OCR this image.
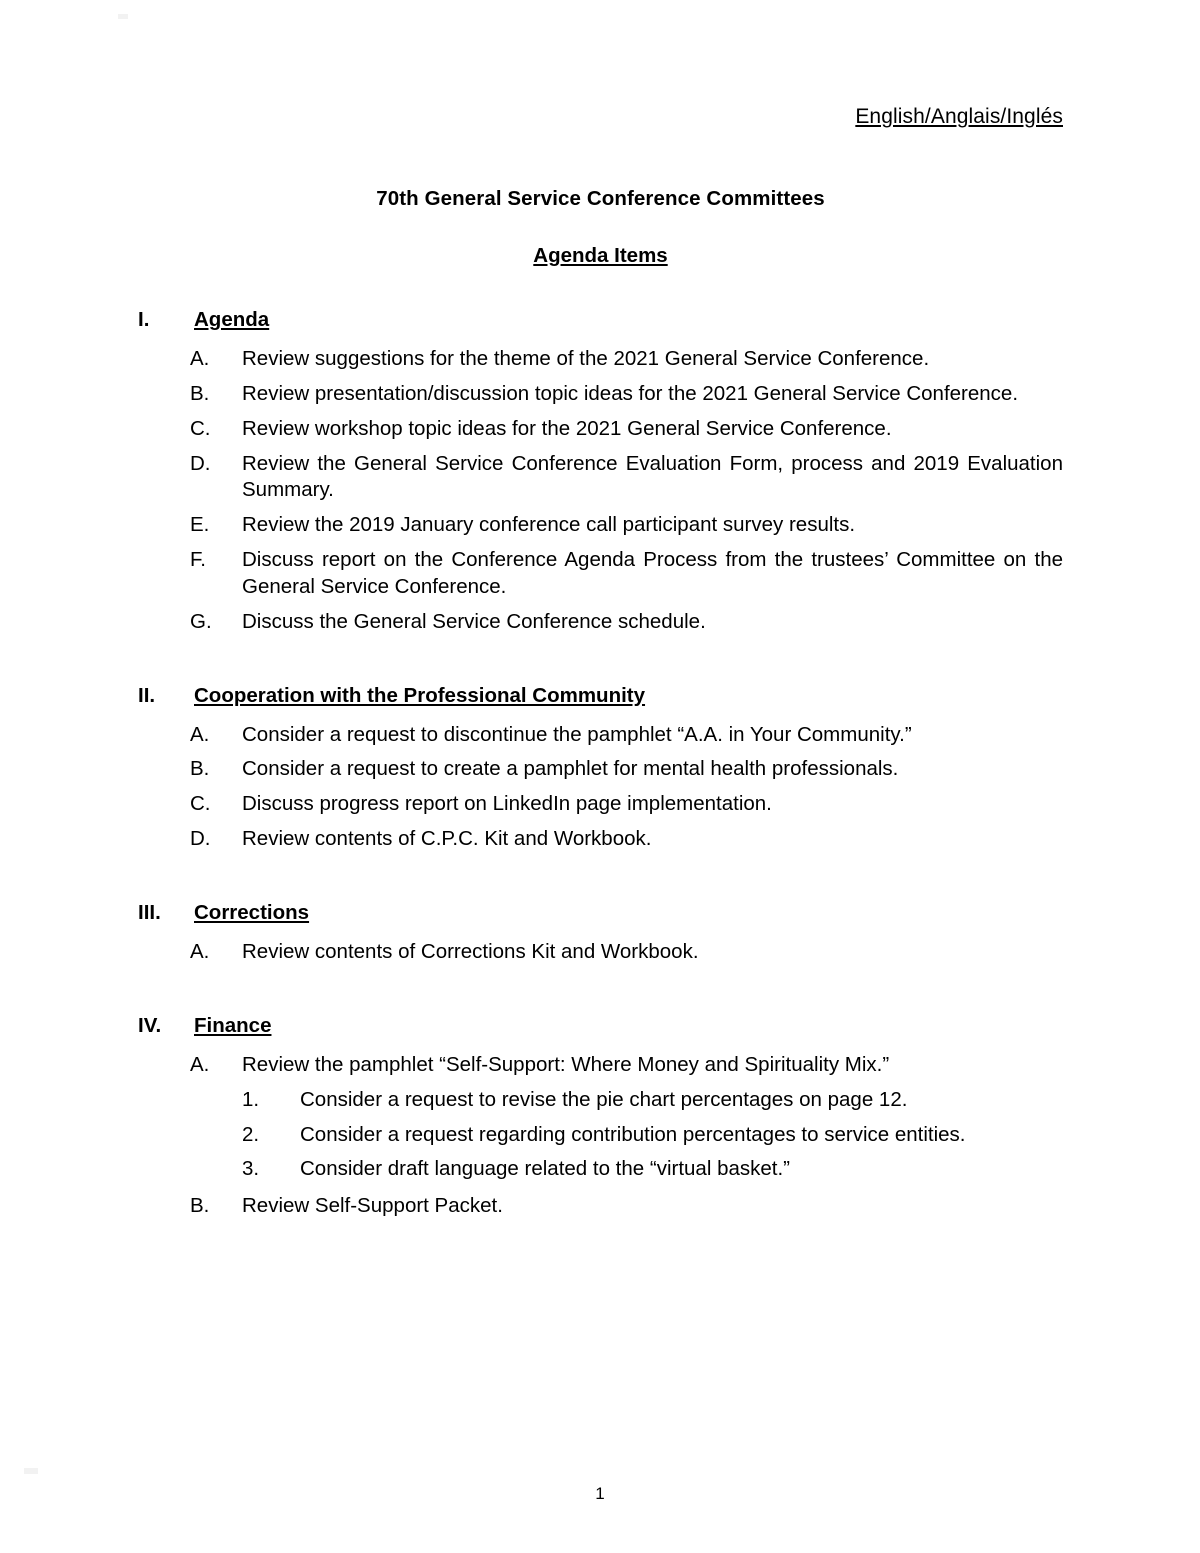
English/Anglais/Inglés
70th General Service Conference Committees
Agenda Items
I.	Agenda
A.	Review suggestions for the theme of the 2021 General Service Conference.
B.	Review presentation/discussion topic ideas for the 2021 General Service Conference.
C.	Review workshop topic ideas for the 2021 General Service Conference.
D.	Review the General Service Conference Evaluation Form, process and 2019 Evaluation Summary.
E.	Review the 2019 January conference call participant survey results.
F.	Discuss report on the Conference Agenda Process from the trustees’ Committee on the General Service Conference.
G.	Discuss the General Service Conference schedule.
II.	Cooperation with the Professional Community
A.	Consider a request to discontinue the pamphlet “A.A. in Your Community.”
B.	Consider a request to create a pamphlet for mental health professionals.
C.	Discuss progress report on LinkedIn page implementation.
D.	Review contents of C.P.C. Kit and Workbook.
III.	Corrections
A.	Review contents of Corrections Kit and Workbook.
IV.	Finance
A.	Review the pamphlet “Self-Support: Where Money and Spirituality Mix.”
1.	Consider a request to revise the pie chart percentages on page 12.
2.	Consider a request regarding contribution percentages to service entities.
3.	Consider draft language related to the “virtual basket.”
B.	Review Self-Support Packet.
1
